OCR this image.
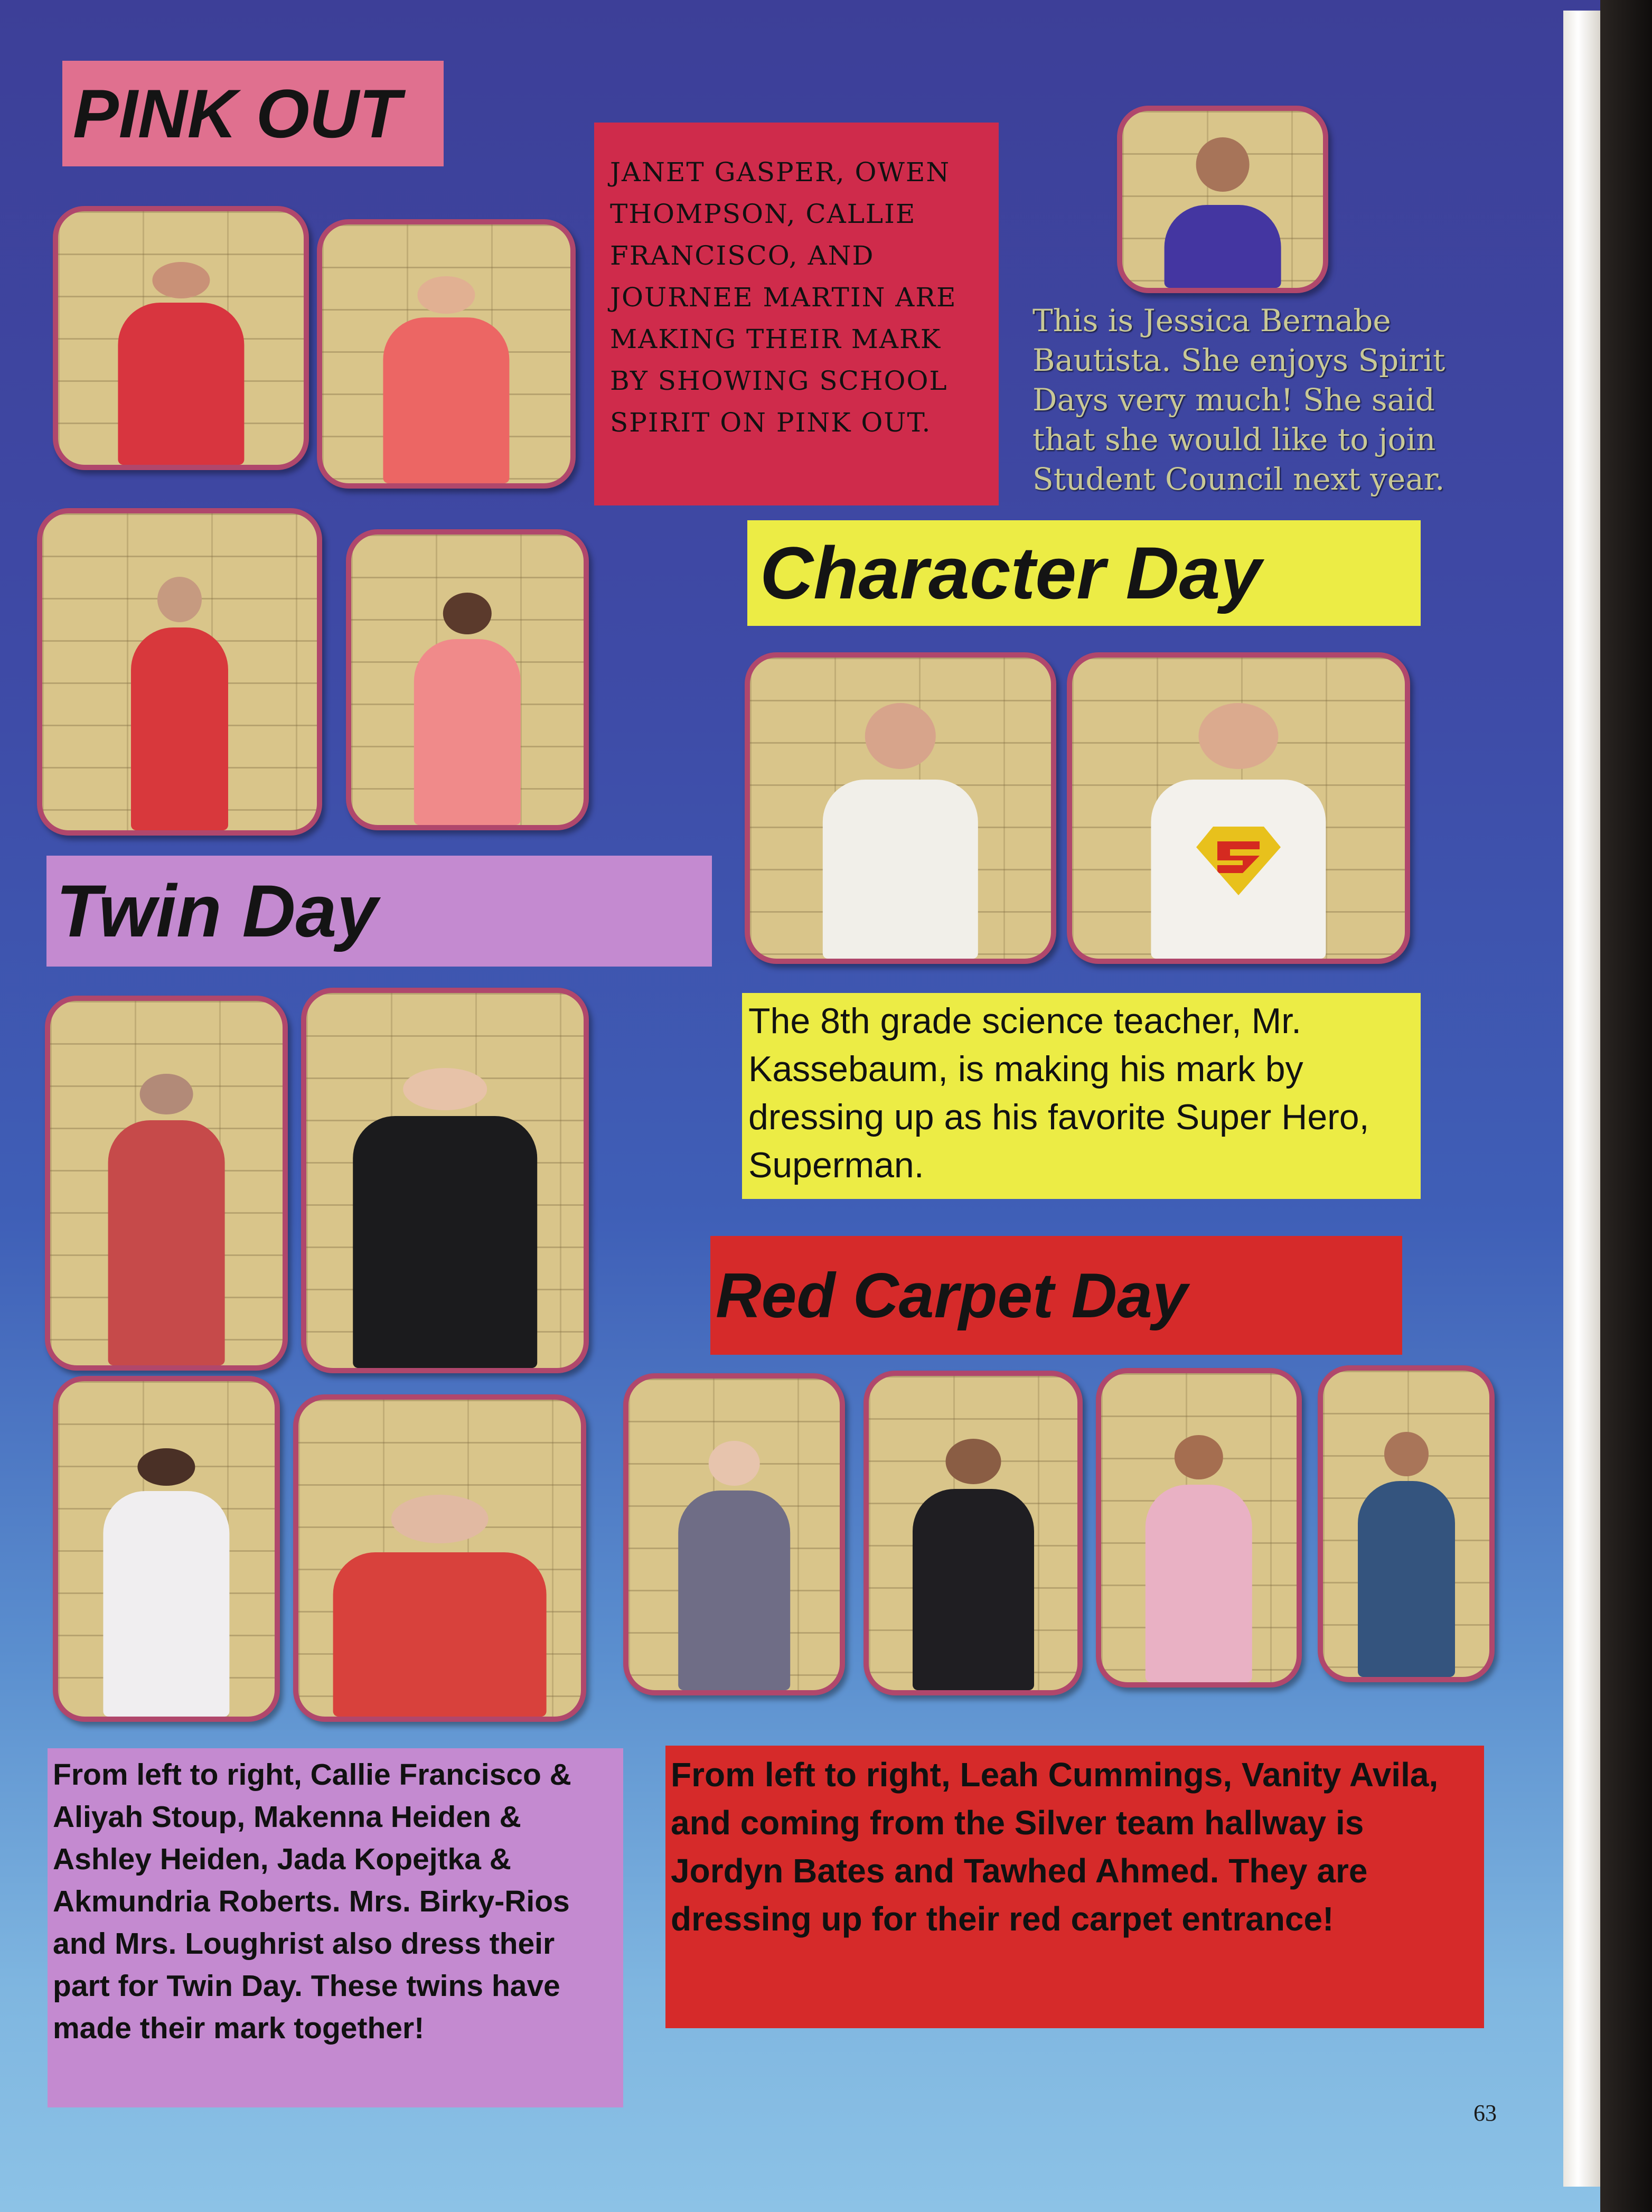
PINK OUT
JANET GASPER, OWEN THOMPSON, CALLIE FRANCISCO, AND JOURNEE MARTIN ARE MAKING THEIR MARK BY SHOWING SCHOOL SPIRIT ON PINK OUT.
This is Jessica Bernabe Bautista. She enjoys Spirit Days very much! She said that she would like to join Student Council next year.
Character Day
The 8th grade science teacher, Mr. Kassebaum, is making his mark by dressing up as his favorite Super Hero, Superman.
Twin Day
From left to right, Callie Francisco & Aliyah Stoup, Makenna Heiden & Ashley Heiden, Jada Kopejtka & Akmundria Roberts. Mrs. Birky-Rios and Mrs. Loughrist also dress their part for Twin Day. These twins have made their mark together!
Red Carpet Day
From left to right, Leah Cummings, Vanity Avila, and coming from the Silver team hallway is Jordyn Bates and Tawhed Ahmed. They are dressing up for their red carpet entrance!
63
